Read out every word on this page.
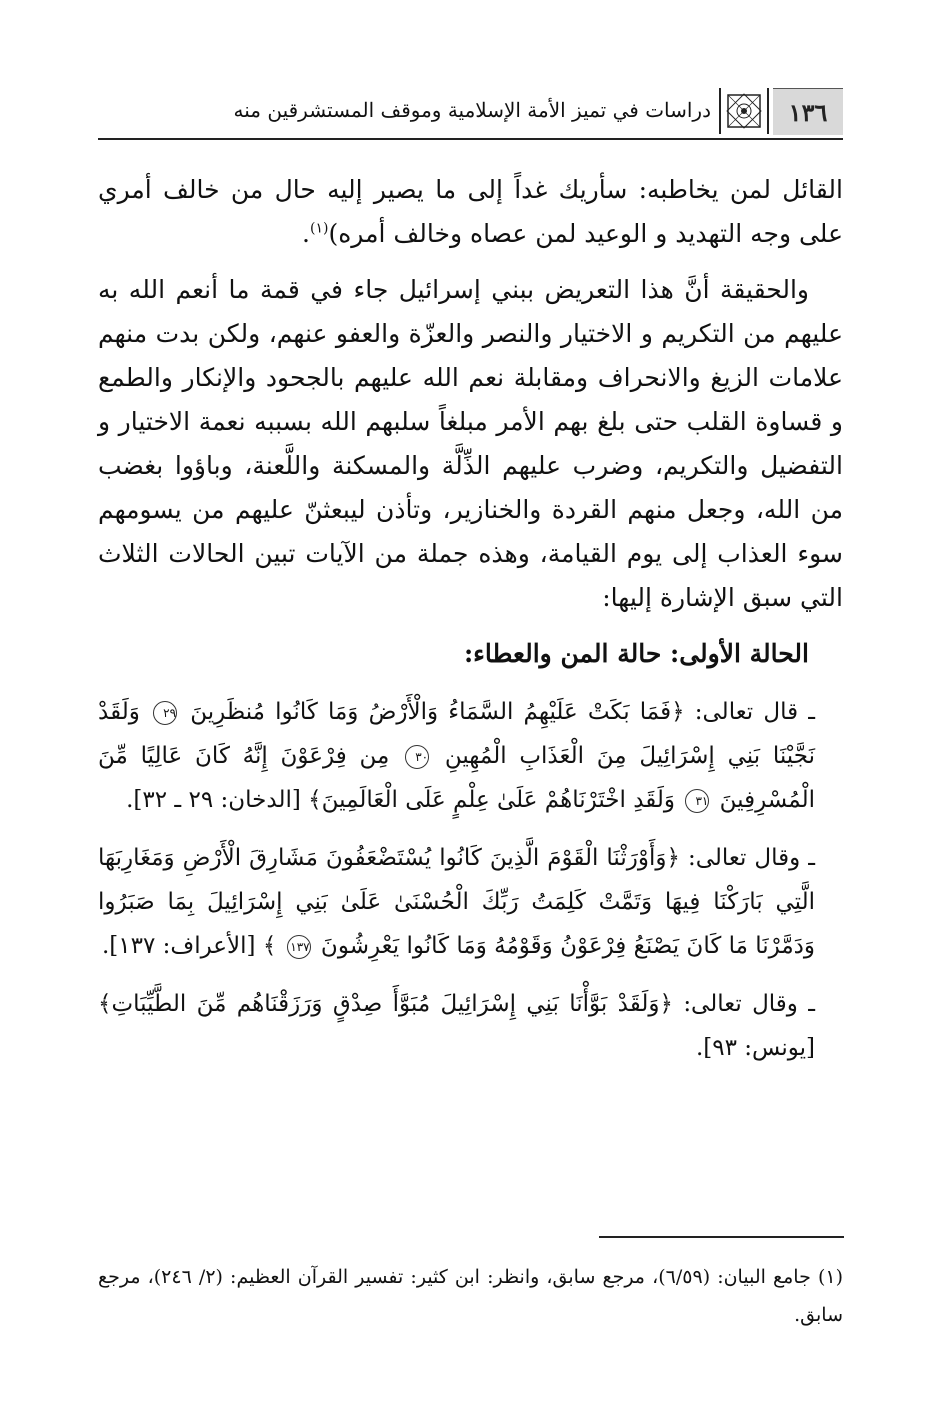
١٣٦
دراسات في تميز الأمة الإسلامية وموقف المستشرقين منه

القائل لمن يخاطبه: سأريك غداً إلى ما يصير إليه حال من خالف أمري على وجه التهديد و الوعيد لمن عصاه وخالف أمره)$^{(١)}$.

والحقيقة أنَّ هذا التعريض ببني إسرائيل جاء في قمة ما أنعم الله به عليهم من التكريم و الاختيار والنصر والعزّة والعفو عنهم، ولكن بدت منهم علامات الزيغ والانحراف ومقابلة نعم الله عليهم بالجحود والإنكار والطمع و قساوة القلب حتى بلغ بهم الأمر مبلغاً سلبهم الله بسببه نعمة الاختيار و التفضيل والتكريم، وضرب عليهم الذِّلَّة والمسكنة واللَّعنة، وباؤوا بغضب من الله، وجعل منهم القردة والخنازير، وتأذن ليبعثنّ عليهم من يسومهم سوء العذاب إلى يوم القيامة، وهذه جملة من الآيات تبين الحالات الثلاث التي سبق الإشارة إليها:

الحالة الأولى: حالة المن والعطاء:

ـ قال تعالى: ﴿فَمَا بَكَتْ عَلَيْهِمُ السَّمَاءُ وَالْأَرْضُ وَمَا كَانُوا مُنظَرِينَ ٢٩ وَلَقَدْ نَجَّيْنَا بَنِي إِسْرَائِيلَ مِنَ الْعَذَابِ الْمُهِينِ ٣٠ مِن فِرْعَوْنَ إِنَّهُ كَانَ عَالِيًا مِّنَ الْمُسْرِفِينَ ٣١ وَلَقَدِ اخْتَرْنَاهُمْ عَلَىٰ عِلْمٍ عَلَى الْعَالَمِينَ﴾ [الدخان: ٢٩ ـ ٣٢].

ـ وقال تعالى: ﴿وَأَوْرَثْنَا الْقَوْمَ الَّذِينَ كَانُوا يُسْتَضْعَفُونَ مَشَارِقَ الْأَرْضِ وَمَغَارِبَهَا الَّتِي بَارَكْنَا فِيهَا وَتَمَّتْ كَلِمَتُ رَبِّكَ الْحُسْنَىٰ عَلَىٰ بَنِي إِسْرَائِيلَ بِمَا صَبَرُوا وَدَمَّرْنَا مَا كَانَ يَصْنَعُ فِرْعَوْنُ وَقَوْمُهُ وَمَا كَانُوا يَعْرِشُونَ ١٣٧ ﴾ [الأعراف: ١٣٧].

ـ وقال تعالى: ﴿وَلَقَدْ بَوَّأْنَا بَنِي إِسْرَائِيلَ مُبَوَّأَ صِدْقٍ وَرَزَقْنَاهُم مِّنَ الطَّيِّبَاتِ﴾ [يونس: ٩٣].

(١) جامع البيان: (٦/٥٩)، مرجع سابق، وانظر: ابن كثير: تفسير القرآن العظيم: (٢/ ٢٤٦)، مرجع سابق.
